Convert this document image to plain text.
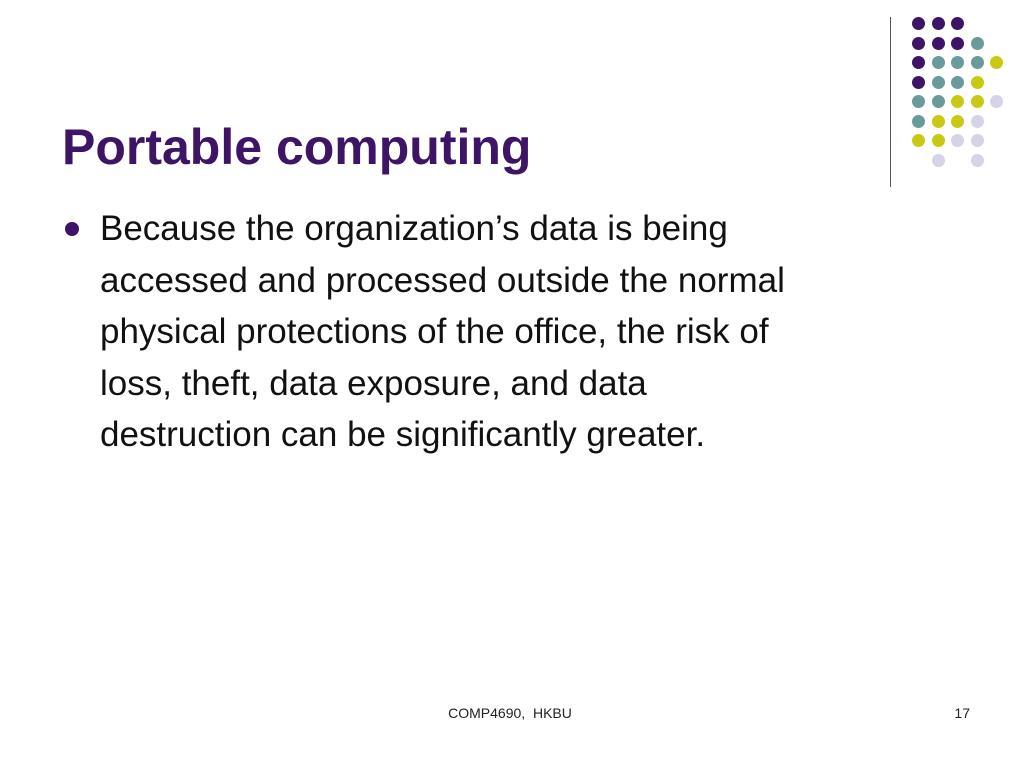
Portable computing
Because the organization’s data is being
accessed and processed outside the normal
physical protections of the office, the risk of
loss, theft, data exposure, and data
destruction can be significantly greater.
COMP4690,  HKBU	17
